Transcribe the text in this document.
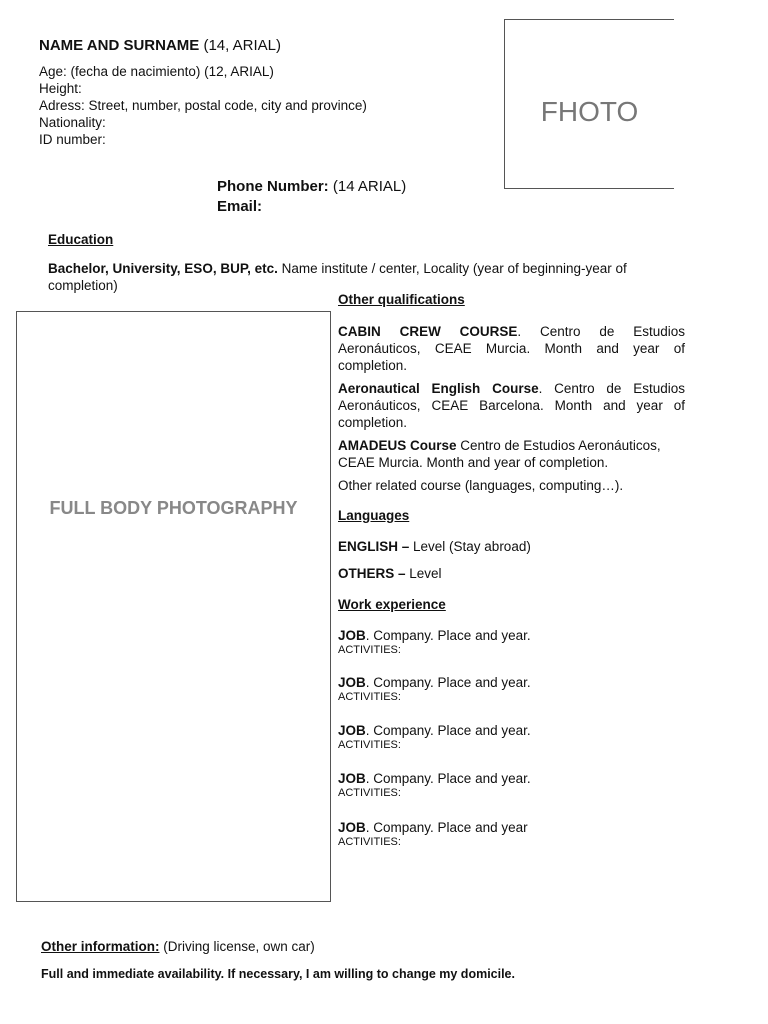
NAME AND SURNAME (14, ARIAL)
Age: (fecha de nacimiento) (12, ARIAL)
Height:
Adress: Street, number, postal code, city and province)
Nationality:
ID number:
FHOTO
Phone Number: (14 ARIAL)
Email:
Education
Bachelor, University, ESO, BUP, etc. Name institute / center, Locality (year of beginning-year of completion)
FULL BODY PHOTOGRAPHY
Other qualifications
CABIN CREW COURSE. Centro de Estudios Aeronáuticos, CEAE Murcia. Month and year of completion.
Aeronautical English Course. Centro de Estudios Aeronáuticos, CEAE Barcelona. Month and year of completion.
AMADEUS Course Centro de Estudios Aeronáuticos, CEAE Murcia. Month and year of completion.
Other related course (languages, computing…).
Languages
ENGLISH – Level (Stay abroad)
OTHERS – Level
Work experience
JOB. Company. Place and year.
ACTIVITIES:
JOB. Company. Place and year.
ACTIVITIES:
JOB. Company. Place and year.
ACTIVITIES:
JOB. Company. Place and year.
ACTIVITIES:
JOB. Company. Place and year
ACTIVITIES:
Other information: (Driving license, own car)
Full and immediate availability. If necessary, I am willing to change my domicile.
